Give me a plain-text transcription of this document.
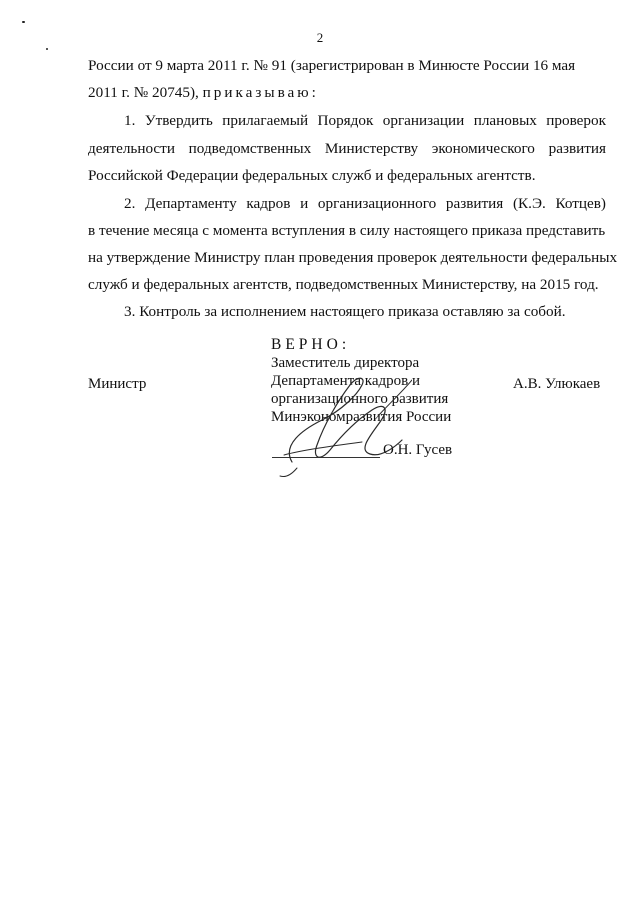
2
России от 9 марта 2011 г. № 91 (зарегистрирован в Минюсте России 16 мая
2011 г. № 20745), приказываю:
1. Утвердить прилагаемый Порядок организации плановых проверок
деятельности подведомственных Министерству экономического развития
Российской Федерации федеральных служб и федеральных агентств.
2. Департаменту кадров и организационного развития (К.Э. Котцев)
в течение месяца с момента вступления в силу настоящего приказа представить
на утверждение Министру план проведения проверок деятельности федеральных
служб и федеральных агентств, подведомственных Министерству, на 2015 год.
3. Контроль за исполнением настоящего приказа оставляю за собой.
Министр	А.В. Улюкаев
ВЕРНО:
Заместитель директора
Департамента кадров и
организационного развития
Минэкономразвития России
О.Н. Гусев
